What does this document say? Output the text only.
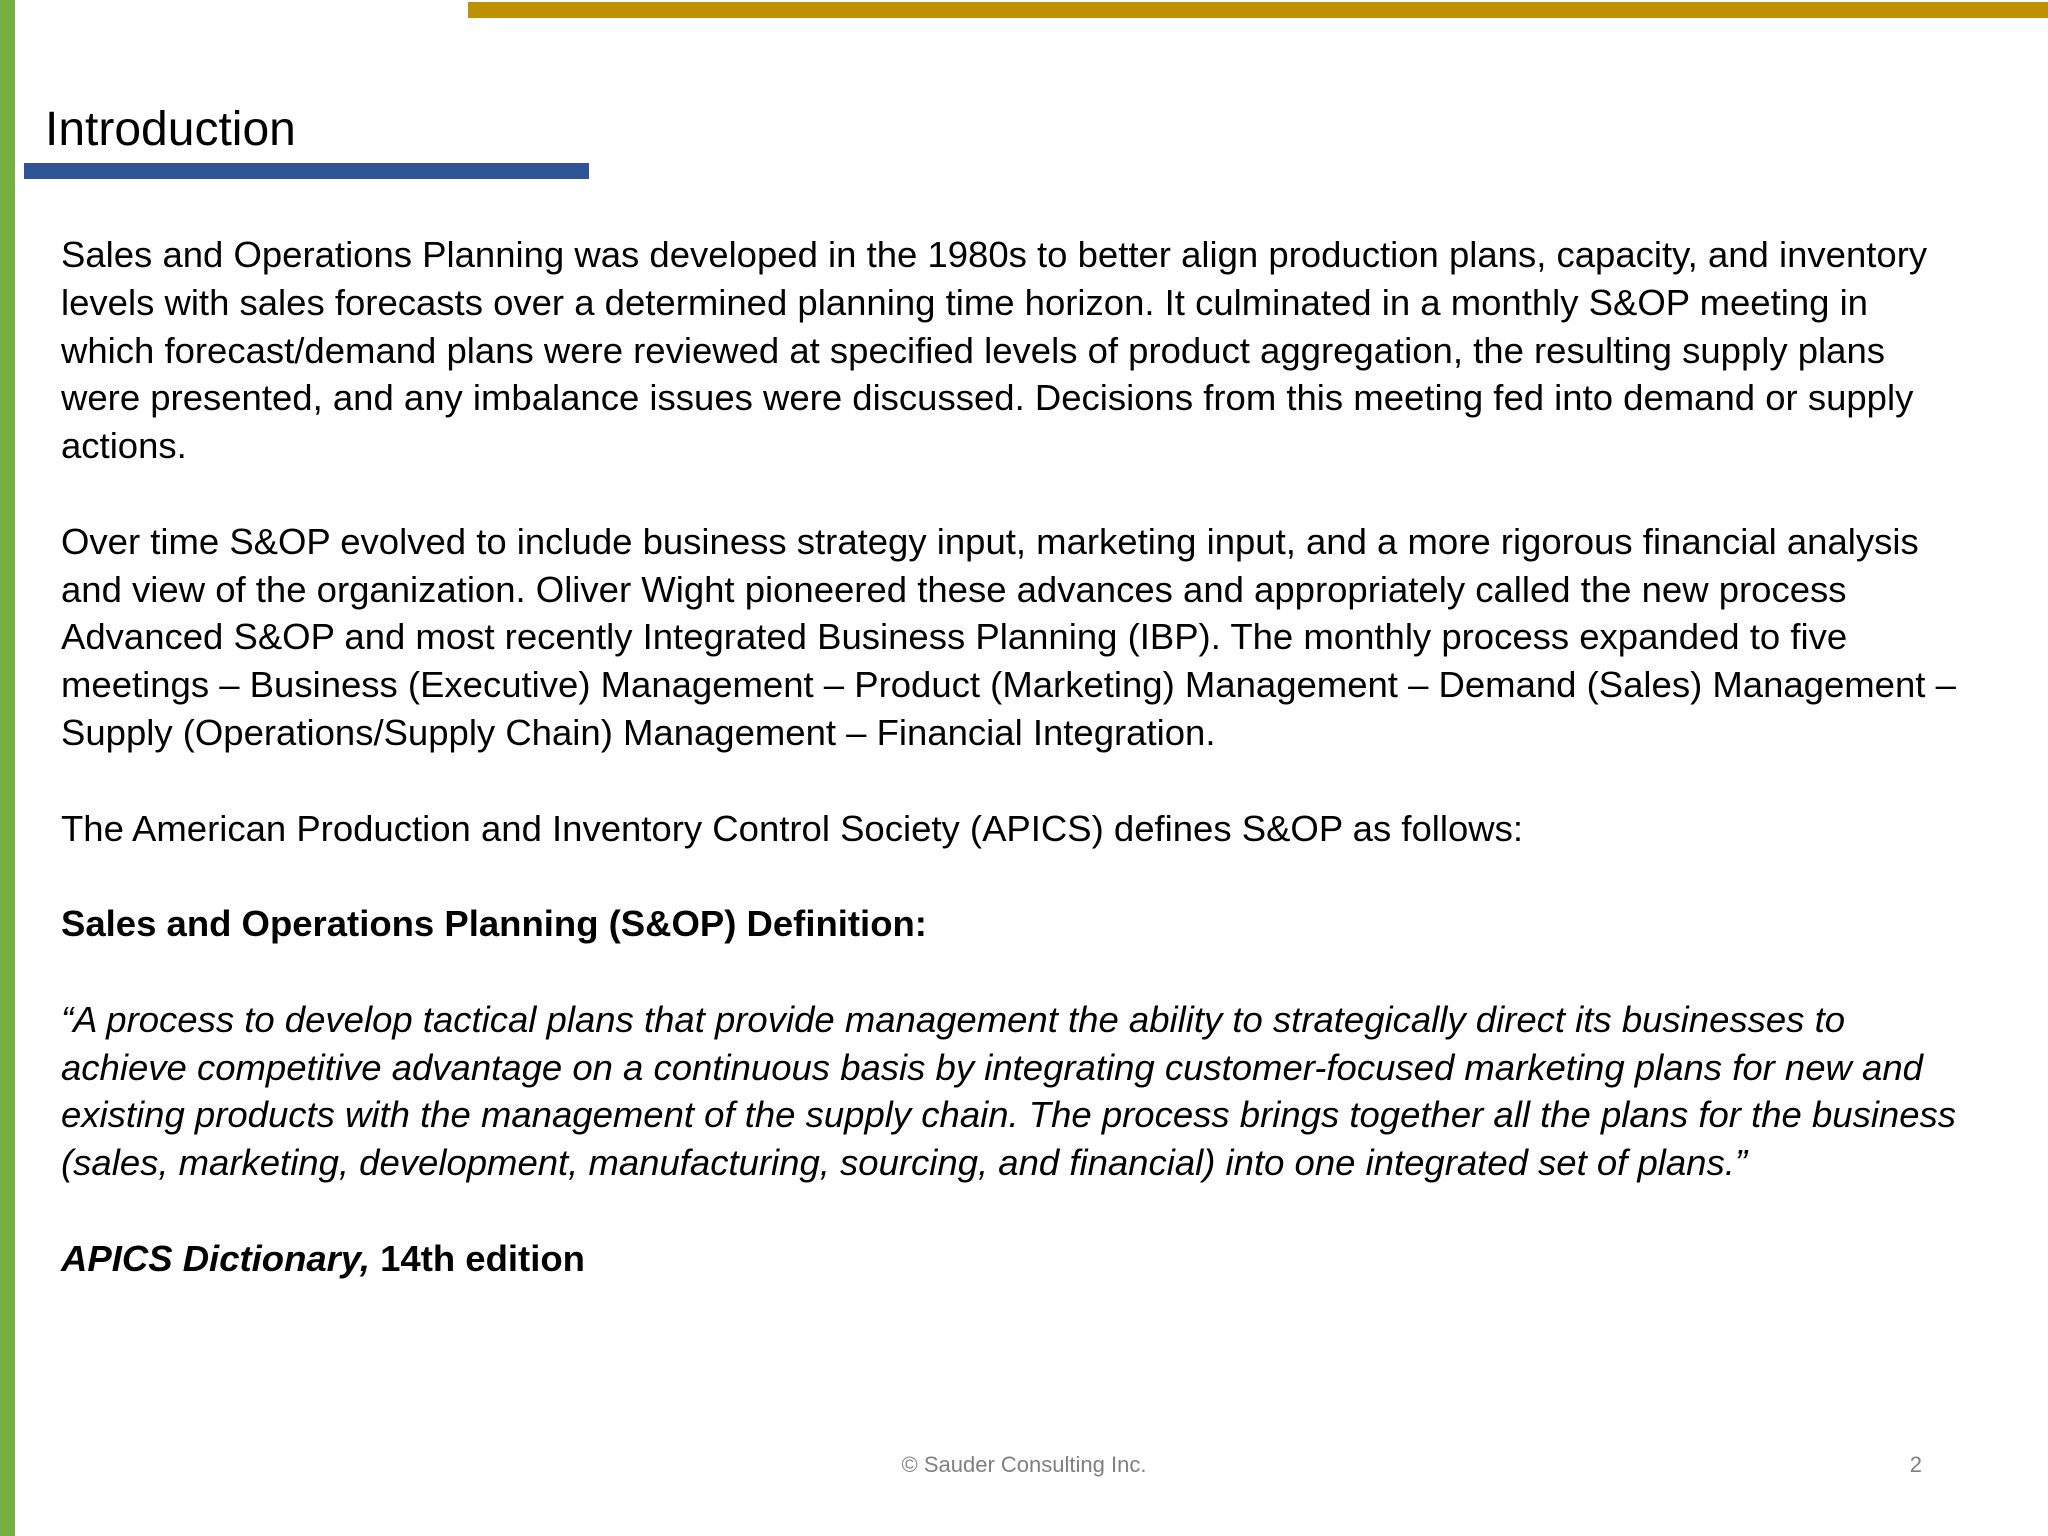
Introduction

Sales and Operations Planning was developed in the 1980s to better align production plans, capacity, and inventory levels with sales forecasts over a determined planning time horizon. It culminated in a monthly S&OP meeting in which forecast/demand plans were reviewed at specified levels of product aggregation, the resulting supply plans were presented, and any imbalance issues were discussed. Decisions from this meeting fed into demand or supply actions.

Over time S&OP evolved to include business strategy input, marketing input, and a more rigorous financial analysis and view of the organization. Oliver Wight pioneered these advances and appropriately called the new process Advanced S&OP and most recently Integrated Business Planning (IBP). The monthly process expanded to five meetings – Business (Executive) Management – Product (Marketing) Management – Demand (Sales) Management – Supply (Operations/Supply Chain) Management – Financial Integration.

The American Production and Inventory Control Society (APICS) defines S&OP as follows:

Sales and Operations Planning (S&OP) Definition:

“A process to develop tactical plans that provide management the ability to strategically direct its businesses to achieve competitive advantage on a continuous basis by integrating customer-focused marketing plans for new and existing products with the management of the supply chain. The process brings together all the plans for the business (sales, marketing, development, manufacturing, sourcing, and financial) into one integrated set of plans.”

APICS Dictionary, 14th edition

© Sauder Consulting Inc.	2
